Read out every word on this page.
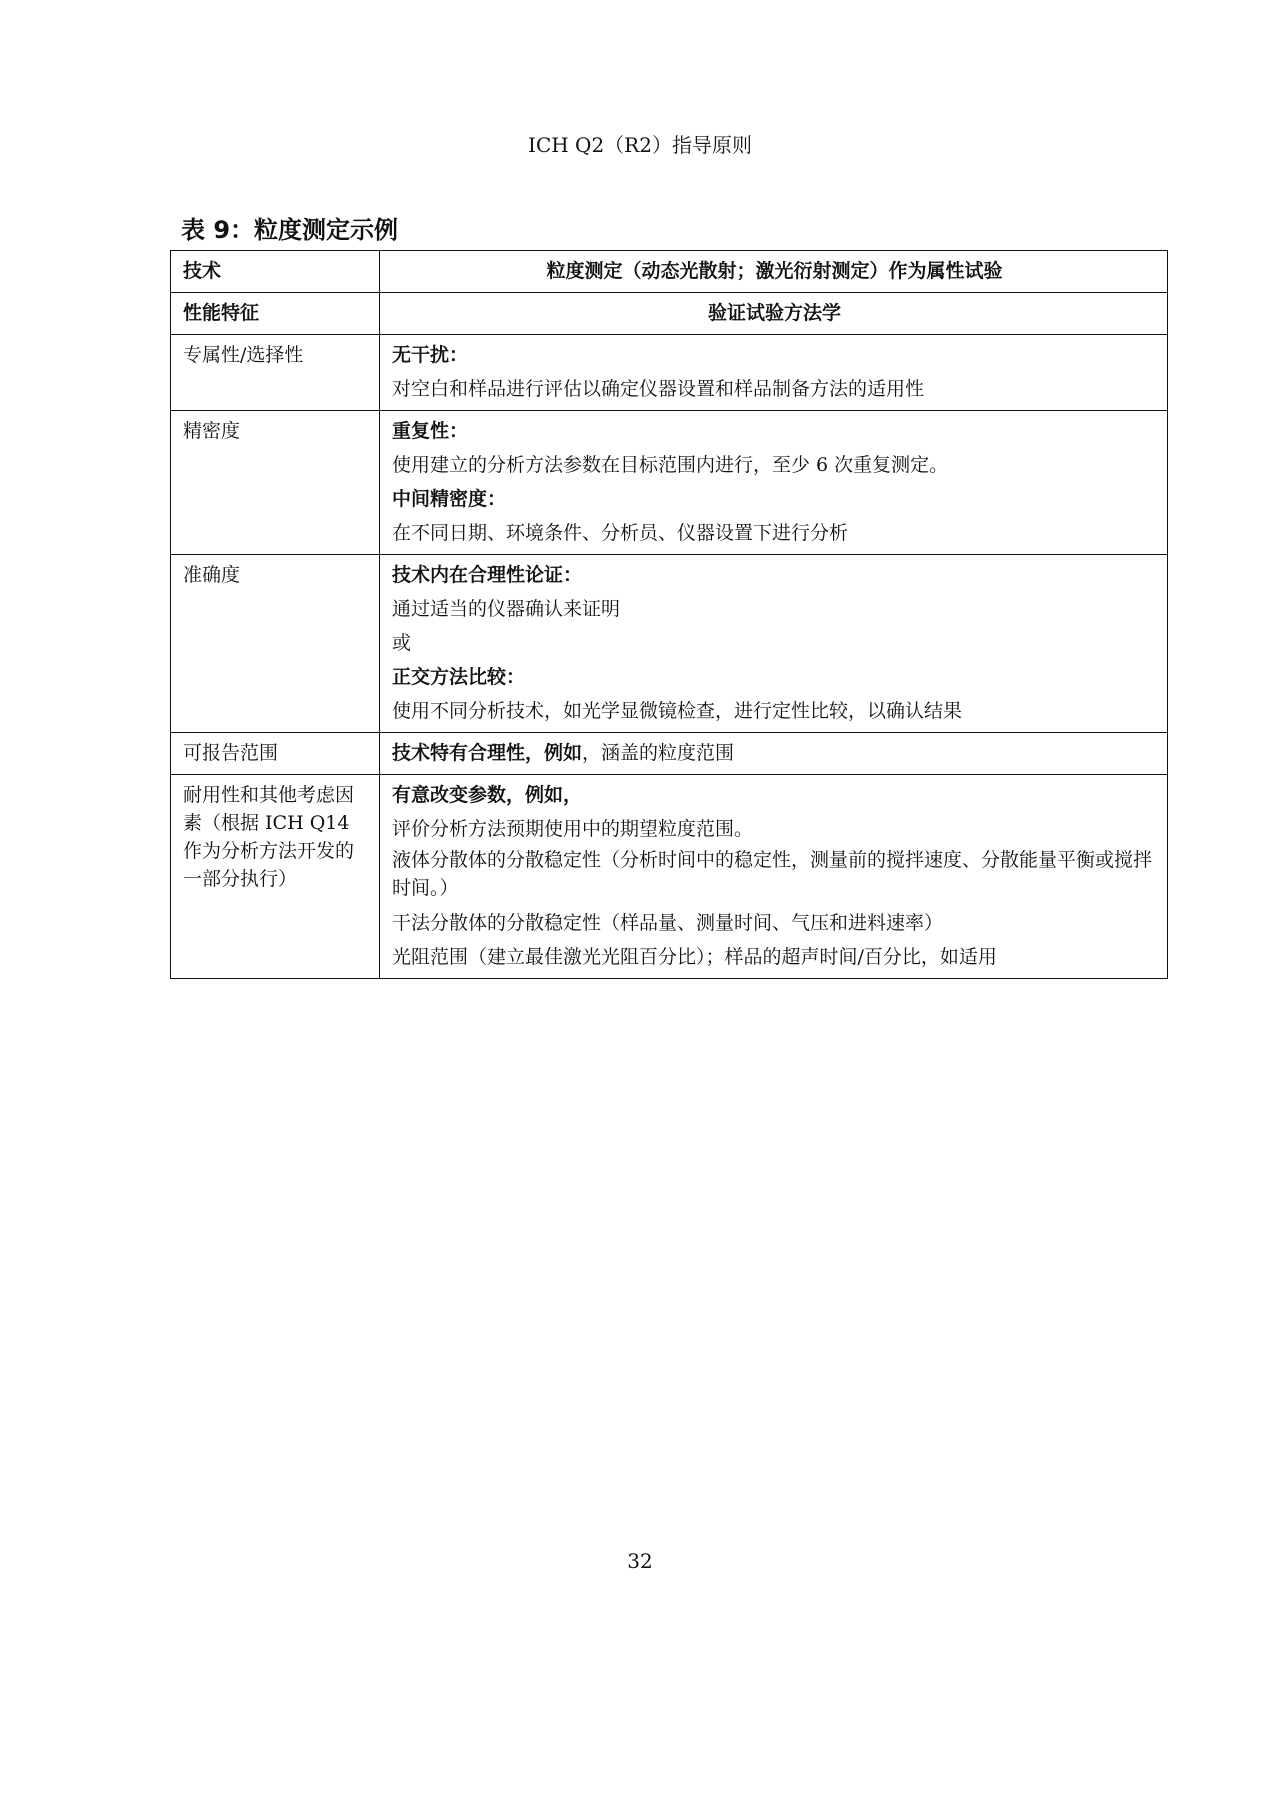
ICH Q2（R2）指导原则
表 9：粒度测定示例
技术	粒度测定（动态光散射；激光衍射测定）作为属性试验
性能特征	验证试验方法学
专属性/选择性	无干扰：
对空白和样品进行评估以确定仪器设置和样品制备方法的适用性

精密度	重复性：
使用建立的分析方法参数在目标范围内进行，至少 6 次重复测定。
中间精密度：
在不同日期、环境条件、分析员、仪器设置下进行分析

准确度	技术内在合理性论证：
通过适当的仪器确认来证明
或
正交方法比较：
使用不同分析技术，如光学显微镜检查，进行定性比较，以确认结果

可报告范围	技术特有合理性，例如，涵盖的粒度范围

耐用性和其他考虑因素（根据 ICH Q14 作为分析方法开发的一部分执行）	有意改变参数，例如，
评价分析方法预期使用中的期望粒度范围。
液体分散体的分散稳定性（分析时间中的稳定性，测量前的搅拌速度、分散能量平衡或搅拌时间。）
干法分散体的分散稳定性（样品量、测量时间、气压和进料速率）
光阻范围（建立最佳激光光阻百分比）；样品的超声时间/百分比，如适用
32
